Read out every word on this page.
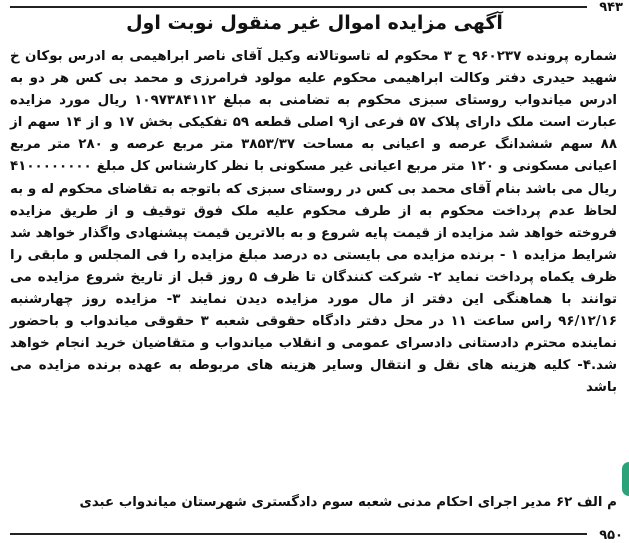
۹۴۳
آگهی مزایده اموال غیر منقول نوبت اول
شماره پرونده ۹۶۰۲۳۷ ح ۳ محکوم له تاسوتالانه وکیل آقای ناصر ابراهیمی به ادرس بوکان خ شهید حیدری دفتر وکالت ابراهیمی محکوم علیه مولود فرامرزی و محمد بی کس هر دو به ادرس میاندواب روستای سبزی محکوم به تضامنی به مبلغ ۱۰۹۷۳۸۴۱۱۲ ریال مورد مزایده عبارت است ملک دارای پلاک ۵۷ فرعی از۹ اصلی قطعه ۵۹ تفکیکی بخش ۱۷ و از ۱۴ سهم از ۸۸ سهم ششدانگ عرصه و اعیانی به مساحت ۳۸۵۳/۳۷ متر مربع عرصه و ۲۸۰ متر مربع اعیانی مسکونی و ۱۲۰ متر مربع اعیانی غیر مسکونی با نظر کارشناس کل مبلغ ۴۱۰۰۰۰۰۰۰۰ ریال می باشد بنام آقای محمد بی کس در روستای سبزی که باتوجه به تقاضای محکوم له و به لحاظ عدم پرداخت محکوم به از طرف محکوم علیه ملک فوق توقیف و از طریق مزایده فروخته خواهد شد مزایده از قیمت پایه شروع و به بالاترین قیمت پیشنهادی واگذار خواهد شد شرایط مزایده ۱ - برنده مزایده می بایستی ده درصد مبلغ مزایده را فی المجلس و مابقی را ظرف یکماه پرداخت نماید ۲- شرکت کنندگان تا ظرف ۵ روز قبل از تاریخ شروع مزایده می توانند با هماهنگی این دفتر از مال مورد مزایده دیدن نمایند ۳- مزایده روز چهارشنبه ۹۶/۱۲/۱۶ راس ساعت ۱۱ در محل دفتر دادگاه حقوقی شعبه ۳ حقوقی میاندواب و باحضور نماینده محترم دادستانی دادسرای عمومی و انقلاب میاندواب و متقاضیان خرید انجام خواهد شد.۴- کلیه هزینه های نقل و انتقال وسایر هزینه های مربوطه به عهده برنده مزایده می باشد
م الف ۶۲ مدیر اجرای احکام مدنی شعبه سوم دادگستری شهرستان میاندواب عبدی
۹۵۰
